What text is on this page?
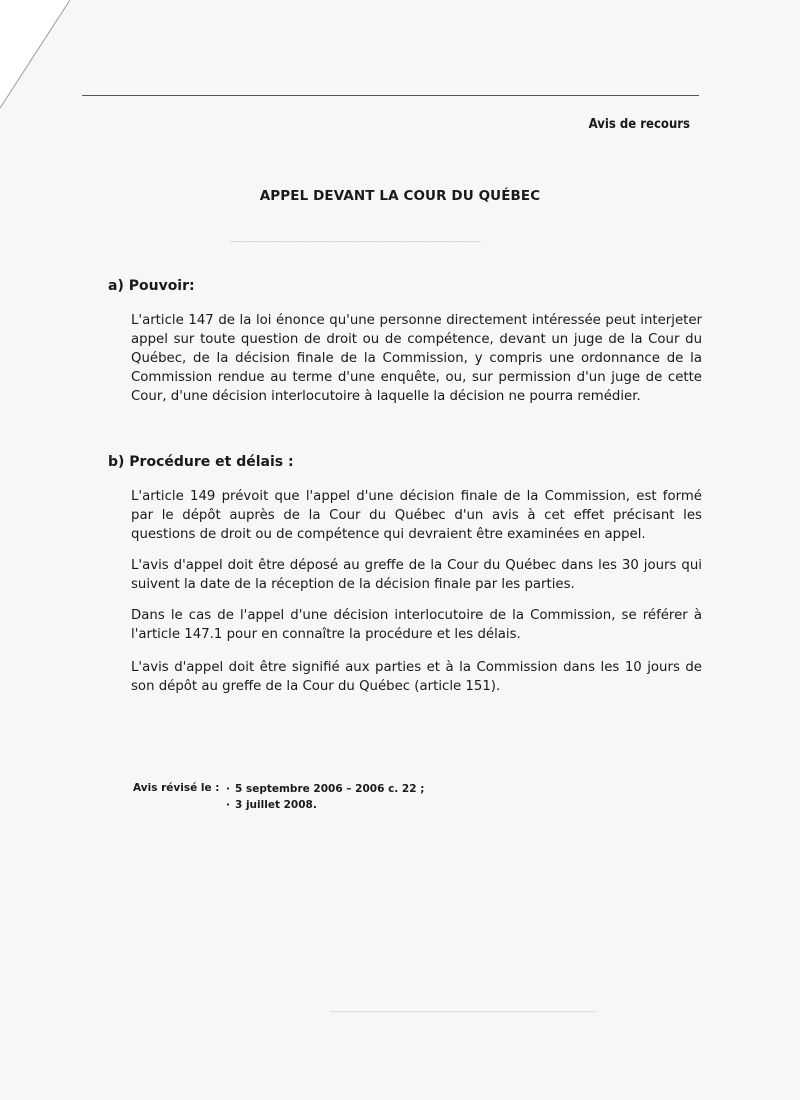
────────────────────────────────
──────────────────────────────────
Avis de recours
APPEL DEVANT LA COUR DU QUÉBEC
a) Pouvoir:

L'article 147 de la loi énonce qu'une personne directement intéressée peut interjeter appel sur toute question de droit ou de compétence, devant un juge de la Cour du Québec, de la décision finale de la Commission, y compris une ordonnance de la Commission rendue au terme d'une enquête, ou, sur permission d'un juge de cette Cour, d'une décision interlocutoire à laquelle la décision ne pourra remédier.

b) Procédure et délais :

L'article 149 prévoit que l'appel d'une décision finale de la Commission, est formé par le dépôt auprès de la Cour du Québec d'un avis à cet effet précisant les questions de droit ou de compétence qui devraient être examinées en appel.

L'avis d'appel doit être déposé au greffe de la Cour du Québec dans les 30 jours qui suivent la date de la réception de la décision finale par les parties.

Dans le cas de l'appel d'une décision interlocutoire de la Commission, se référer à l'article 147.1 pour en connaître la procédure et les délais.

L'avis d'appel doit être signifié aux parties et à la Commission dans les 10 jours de son dépôt au greffe de la Cour du Québec (article 151).

Avis révisé le :
·	5 septembre 2006 – 2006 c. 22 ;
· 3 juillet 2008.
